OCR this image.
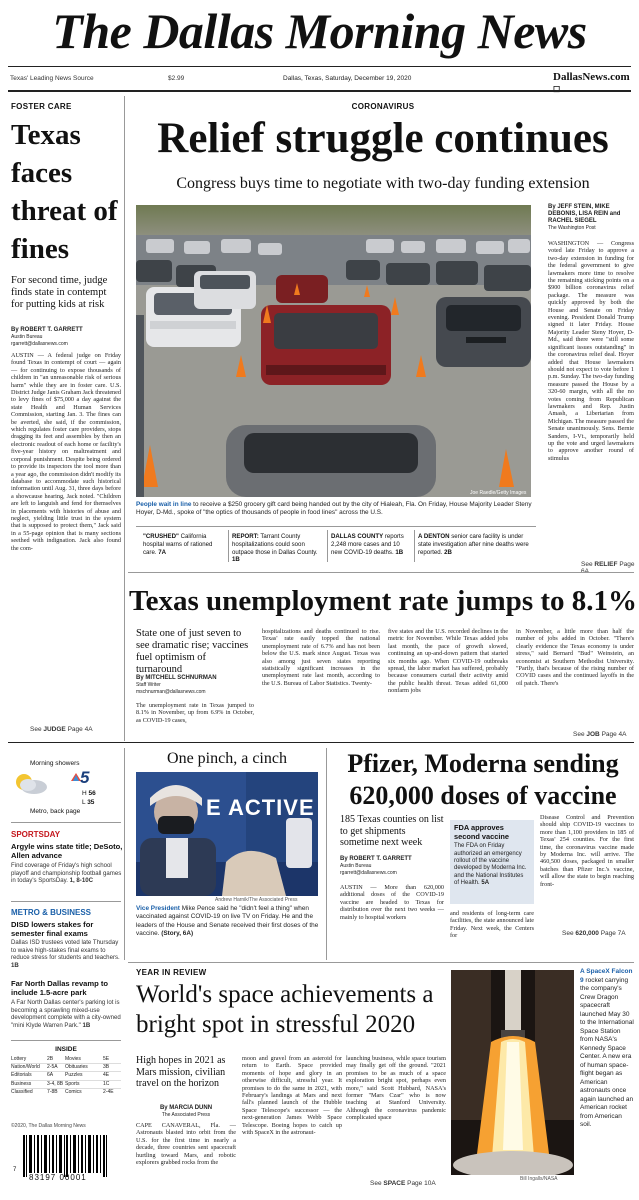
The Dallas Morning News
Texas' Leading News Source	$2.99	Dallas, Texas, Saturday, December 19, 2020	DallasNews.com
FOSTER CARE
Texas faces threat of fines
For second time, judge finds state in contempt for putting kids at risk
By ROBERT T. GARRETT
Austin Bureau
rgarrett@dallasnews.com
AUSTIN — A federal judge on Friday found Texas in contempt of court — again — for continuing to expose thousands of children in "an unreasonable risk of serious harm" while they are in foster care. U.S. District Judge Janis Graham Jack threatened to levy fines of $75,000 a day against the state Health and Human Services Commission, starting Jan. 3. The fines can be averted, she said, if the commission, which regulates foster care providers, stops dragging its feet and assembles by then an electronic readout of each home or facility's five-year history on maltreatment and corporal punishment. Despite being ordered to provide its inspectors the tool more than a year ago, the commission didn't modify its database to accommodate such historical information until Aug. 31, three days before a showcause hearing, Jack noted. "Children are left to languish and fend for themselves in placements with histories of abuse and neglect, yielding little trust in the system that is supposed to protect them," Jack said in a 55-page opinion that is many sections seethed with indignation. Jack also found the com-
See JUDGE Page 4A
CORONAVIRUS
Relief struggle continues
Congress buys time to negotiate with two-day funding extension
Joe Raedle/Getty Images
People wait in line to receive a $250 grocery gift card being handed out by the city of Hialeah, Fla. On Friday, House Majority Leader Steny Hoyer, D-Md., spoke of "the optics of thousands of people in food lines" across the U.S.
"CRUSHED" California hospital warns of rationed care. 7A
REPORT: Tarrant County hospitalizations could soon outpace those in Dallas County. 1B
DALLAS COUNTY reports 2,248 more cases and 10 new COVID-19 deaths. 1B
A DENTON senior care facility is under state investigation after nine deaths were reported. 2B
By JEFF STEIN, MIKE DEBONIS, LISA REIN and RACHEL SIEGEL
The Washington Post
WASHINGTON — Congress voted late Friday to approve a two-day extension in funding for the federal government to give lawmakers more time to resolve the remaining sticking points on a $900 billion coronavirus relief package. The measure was quickly approved by both the House and Senate on Friday evening. President Donald Trump signed it later Friday. House Majority Leader Steny Hoyer, D-Md., said there were "still some significant issues outstanding" in the coronavirus relief deal. Hoyer added that House lawmakers should not expect to vote before 1 p.m. Sunday. The two-day funding measure passed the House by a 320-60 margin, with all the no votes coming from Republican lawmakers and Rep. Justin Amash, a Libertarian from Michigan. The measure passed the Senate unanimously. Sens. Bernie Sanders, I-Vt., temporarily held up the vote and urged lawmakers to approve another round of stimulus
See RELIEF Page
Texas unemployment rate jumps to 8.1%
State one of just seven to see dramatic rise; vaccines fuel optimism of turnaround
By MITCHELL SCHNURMAN
Staff Writer
mschnurman@dallasnews.com
The unemployment rate in Texas jumped to 8.1% in November, up from 6.9% in October, as COVID-19 cases,
hospitalizations and deaths continued to rise. Texas' rate easily topped the national unemployment rate of 6.7% and has not been below the U.S. mark since August. Texas was also among just seven states reporting statistically significant increases in the unemployment rate last month, according to the U.S. Bureau of Labor Statistics. Twenty-
five states and the U.S. recorded declines in the metric for November. While Texas added jobs last month, the pace of growth slowed, continuing an up-and-down pattern that started six months ago. When COVID-19 outbreaks spread, the labor market has suffered, probably because consumers curtail their activity amid the public health threat. Texas added 61,000 nonfarm jobs
in November, a little more than half the number of jobs added in October. "There's clearly evidence the Texas economy is under stress," said Bernard "Bud" Weinstein, an economist at Southern Methodist University. "Partly, that's because of the rising number of COVID cases and the continued layoffs in the oil patch. There's
See JOB Page 4A
Morning showers
5
H 56
L 35
Metro, back page
SPORTSDAY
Argyle wins state title; DeSoto, Allen advance
Find coverage of Friday's high school playoff and championship football games in today's SportsDay. 1, 8-10C
METRO & BUSINESS
DISD lowers stakes for semester final exams
Dallas ISD trustees voted late Thursday to waive high-stakes final exams to reduce stress for students and teachers. 1B
Far North Dallas revamp to include 1.5-acre park
A Far North Dallas center's parking lot is becoming a sprawling mixed-use development complete with a city-owned "mini Klyde Warren Park." 1B
INSIDE
Lottery	2B	Movies	5E
Nation/World	2-5A	Obituaries	3B
Editorials	6A	Puzzles	4E
Business	3-4, 8B Sports	1C
Classified	7-8B	Comics	2-4E
©2020, The Dallas Morning News
7
83197 00001
One pinch, a cinch
E ACTIVE
Andrew Harnik/The Associated Press
Vice President Mike Pence said he "didn't feel a thing" when vaccinated against COVID-19 on live TV on Friday. He and the leaders of the House and Senate received their first doses of the vaccine. (Story, 6A)
Pfizer, Moderna sending 620,000 doses of vaccine
185 Texas counties on list to get shipments sometime next week
By ROBERT T. GARRETT
Austin Bureau
rgarrett@dallasnews.com
AUSTIN — More than 620,000 additional doses of the COVID-19 vaccine are headed to Texas for distribution over the next two weeks — mainly to hospital workers
FDA approves second vaccine
The FDA on Friday authorized an emergency rollout of the vaccine developed by Moderna Inc. and the National Institutes of Health. 5A
and residents of long-term care facilities, the state announced late Friday. Next week, the Centers for
Disease Control and Prevention should ship COVID-19 vaccines to more than 1,100 providers in 185 of Texas' 254 counties. For the first time, the coronavirus vaccine made by Moderna Inc. will arrive. The 460,500 doses, packaged in smaller batches than Pfizer Inc.'s vaccine, will allow the state to begin reaching front-
See 620,000 Page 7A
YEAR IN REVIEW
World's space achievements a bright spot in stressful 2020
High hopes in 2021 as Mars mission, civilian travel on the horizon
By MARCIA DUNN
The Associated Press
CAPE CANAVERAL, Fla. — Astronauts blasted into orbit from the U.S. for the first time in nearly a decade, three countries sent spacecraft hurtling toward Mars, and robotic explorers grabbed rocks from the
moon and gravel from an asteroid for return to Earth. Space provided moments of hope and glory in an otherwise difficult, stressful year. It promises to do the same in 2021, with February's landings at Mars and next fall's planned launch of the Hubble Space Telescope's successor — the next-generation James Webb Space Telescope. Boeing hopes to catch up with SpaceX in the astronaut-
launching business, while space tourism may finally get off the ground. "2021 promises to be as much of a space exploration bright spot, perhaps even more," said Scott Hubbard, NASA's former "Mars Czar" who is now teaching at Stanford University. Although the coronavirus pandemic complicated space
See SPACE Page 10A
Bill Ingalls/NASA
A SpaceX Falcon 9 rocket carrying the company's Crew Dragon spacecraft launched May 30 to the International Space Station from NASA's Kennedy Space Center. A new era of human space-flight began as American astronauts once again launched an American rocket from American soil.
